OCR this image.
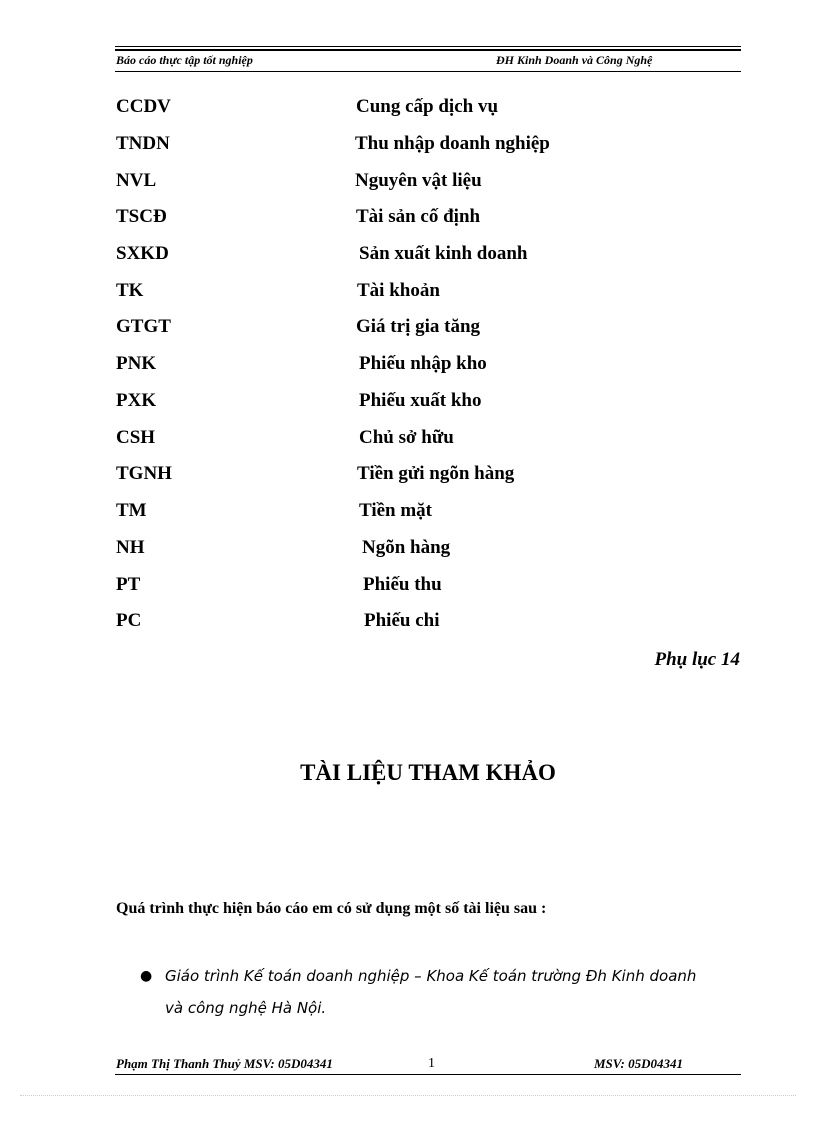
Báo cáo thực tập tốt nghiệp	ĐH Kinh Doanh và Công Nghệ
CCDV	Cung cấp dịch vụ
TNDN	Thu nhập doanh nghiệp
NVL	Nguyên vật liệu
TSCĐ	Tài sản cố định
SXKD	Sản xuất kinh doanh
TK	Tài khoản
GTGT	Giá trị gia tăng
PNK	Phiếu nhập kho
PXK	Phiếu xuất kho
CSH	Chủ sở hữu
TGNH	Tiền gửi ngõn hàng
TM	Tiền mặt
NH	Ngõn hàng
PT	Phiếu thu
PC	Phiếu chi
Phụ lục 14
TÀI LIỆU THAM KHẢO
Quá trình thực hiện báo cáo em có sử dụng một số tài liệu sau :
● Giáo trình Kế toán doanh nghiệp – Khoa Kế toán trường Đh Kinh doanh
và công nghệ Hà Nội.
Phạm Thị Thanh Thuỷ MSV: 05D04341	1	MSV: 05D04341
